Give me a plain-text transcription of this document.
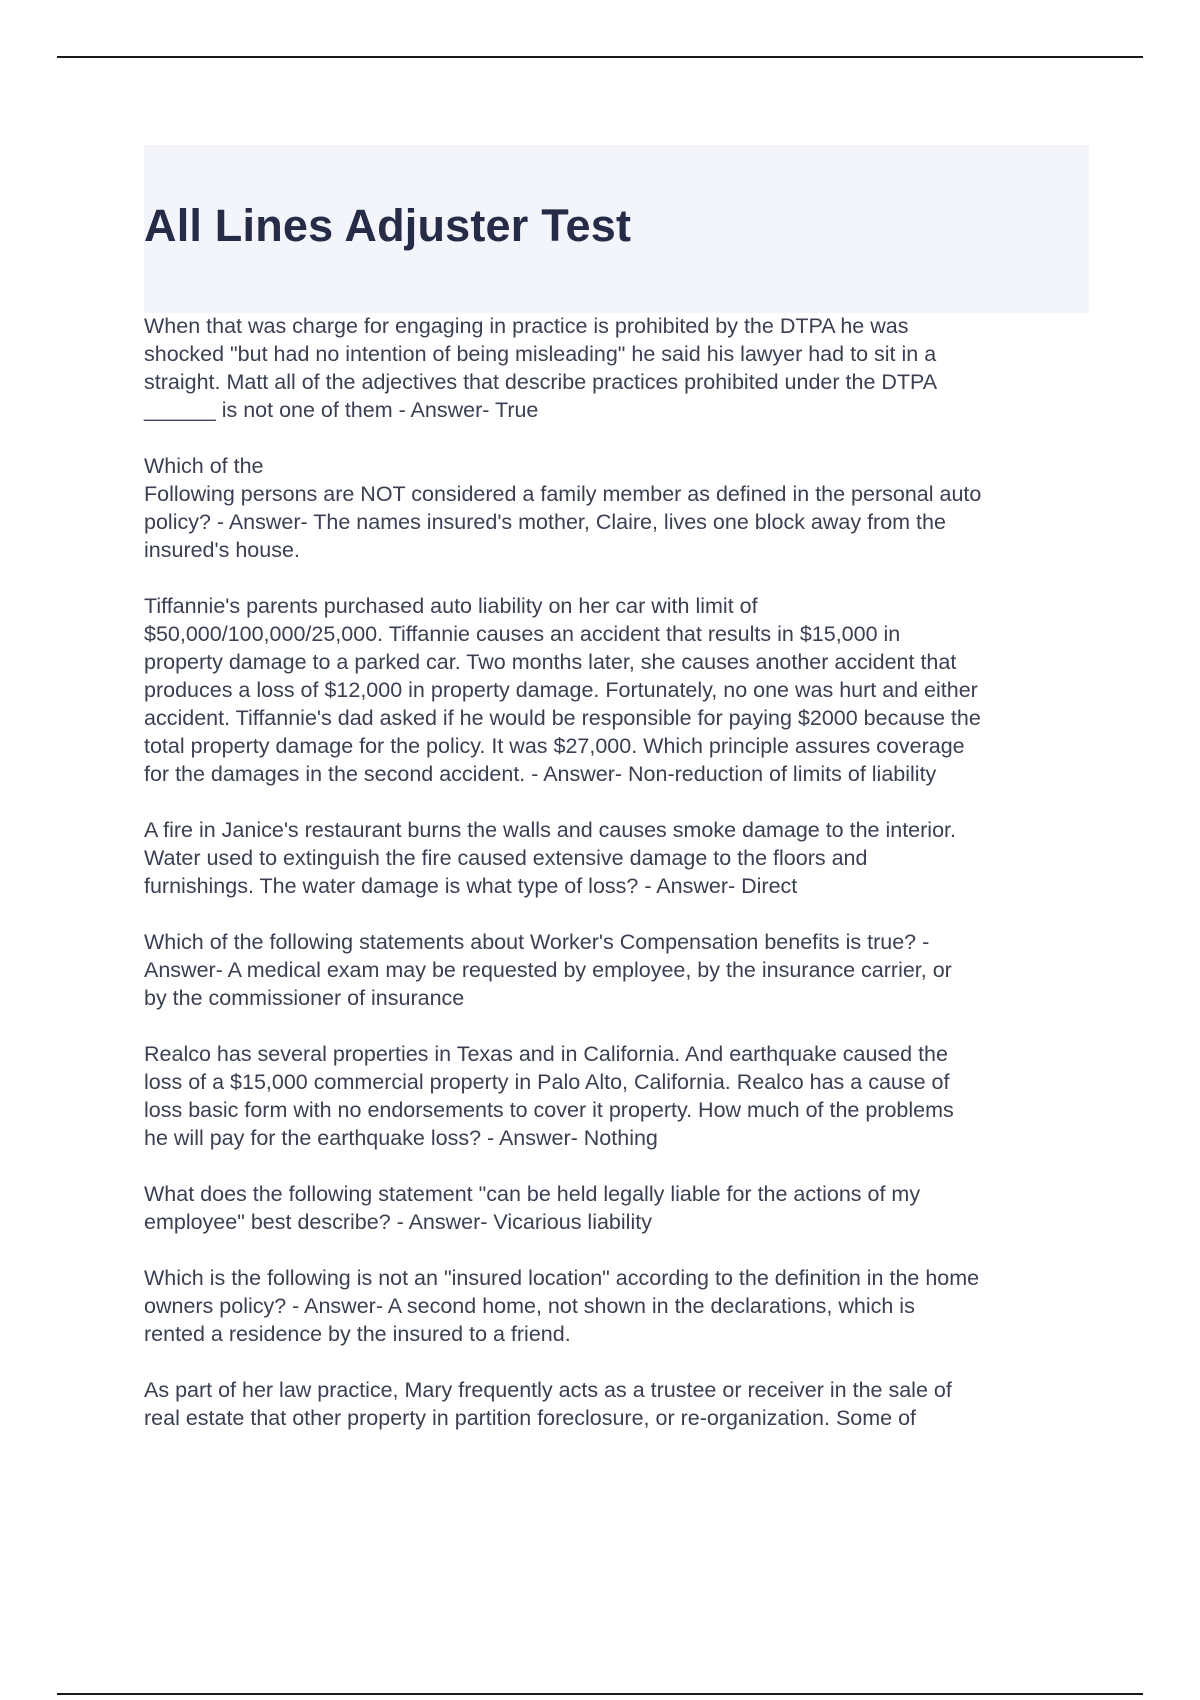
All Lines Adjuster Test

When that was charge for engaging in practice is prohibited by the DTPA he was
shocked "but had no intention of being misleading" he said his lawyer had to sit in a
straight. Matt all of the adjectives that describe practices prohibited under the DTPA
______ is not one of them - Answer- True

Which of the
Following persons are NOT considered a family member as defined in the personal auto
policy? - Answer- The names insured's mother, Claire, lives one block away from the
insured's house.

Tiffannie's parents purchased auto liability on her car with limit of
$50,000/100,000/25,000. Tiffannie causes an accident that results in $15,000 in
property damage to a parked car. Two months later, she causes another accident that
produces a loss of $12,000 in property damage. Fortunately, no one was hurt and either
accident. Tiffannie's dad asked if he would be responsible for paying $2000 because the
total property damage for the policy. It was $27,000. Which principle assures coverage
for the damages in the second accident. - Answer- Non-reduction of limits of liability

A fire in Janice's restaurant burns the walls and causes smoke damage to the interior.
Water used to extinguish the fire caused extensive damage to the floors and
furnishings. The water damage is what type of loss? - Answer- Direct

Which of the following statements about Worker's Compensation benefits is true? -
Answer- A medical exam may be requested by employee, by the insurance carrier, or
by the commissioner of insurance

Realco has several properties in Texas and in California. And earthquake caused the
loss of a $15,000 commercial property in Palo Alto, California. Realco has a cause of
loss basic form with no endorsements to cover it property. How much of the problems
he will pay for the earthquake loss? - Answer- Nothing

What does the following statement "can be held legally liable for the actions of my
employee" best describe? - Answer- Vicarious liability

Which is the following is not an "insured location" according to the definition in the home
owners policy? - Answer- A second home, not shown in the declarations, which is
rented a residence by the insured to a friend.

As part of her law practice, Mary frequently acts as a trustee or receiver in the sale of
real estate that other property in partition foreclosure, or re-organization. Some of
